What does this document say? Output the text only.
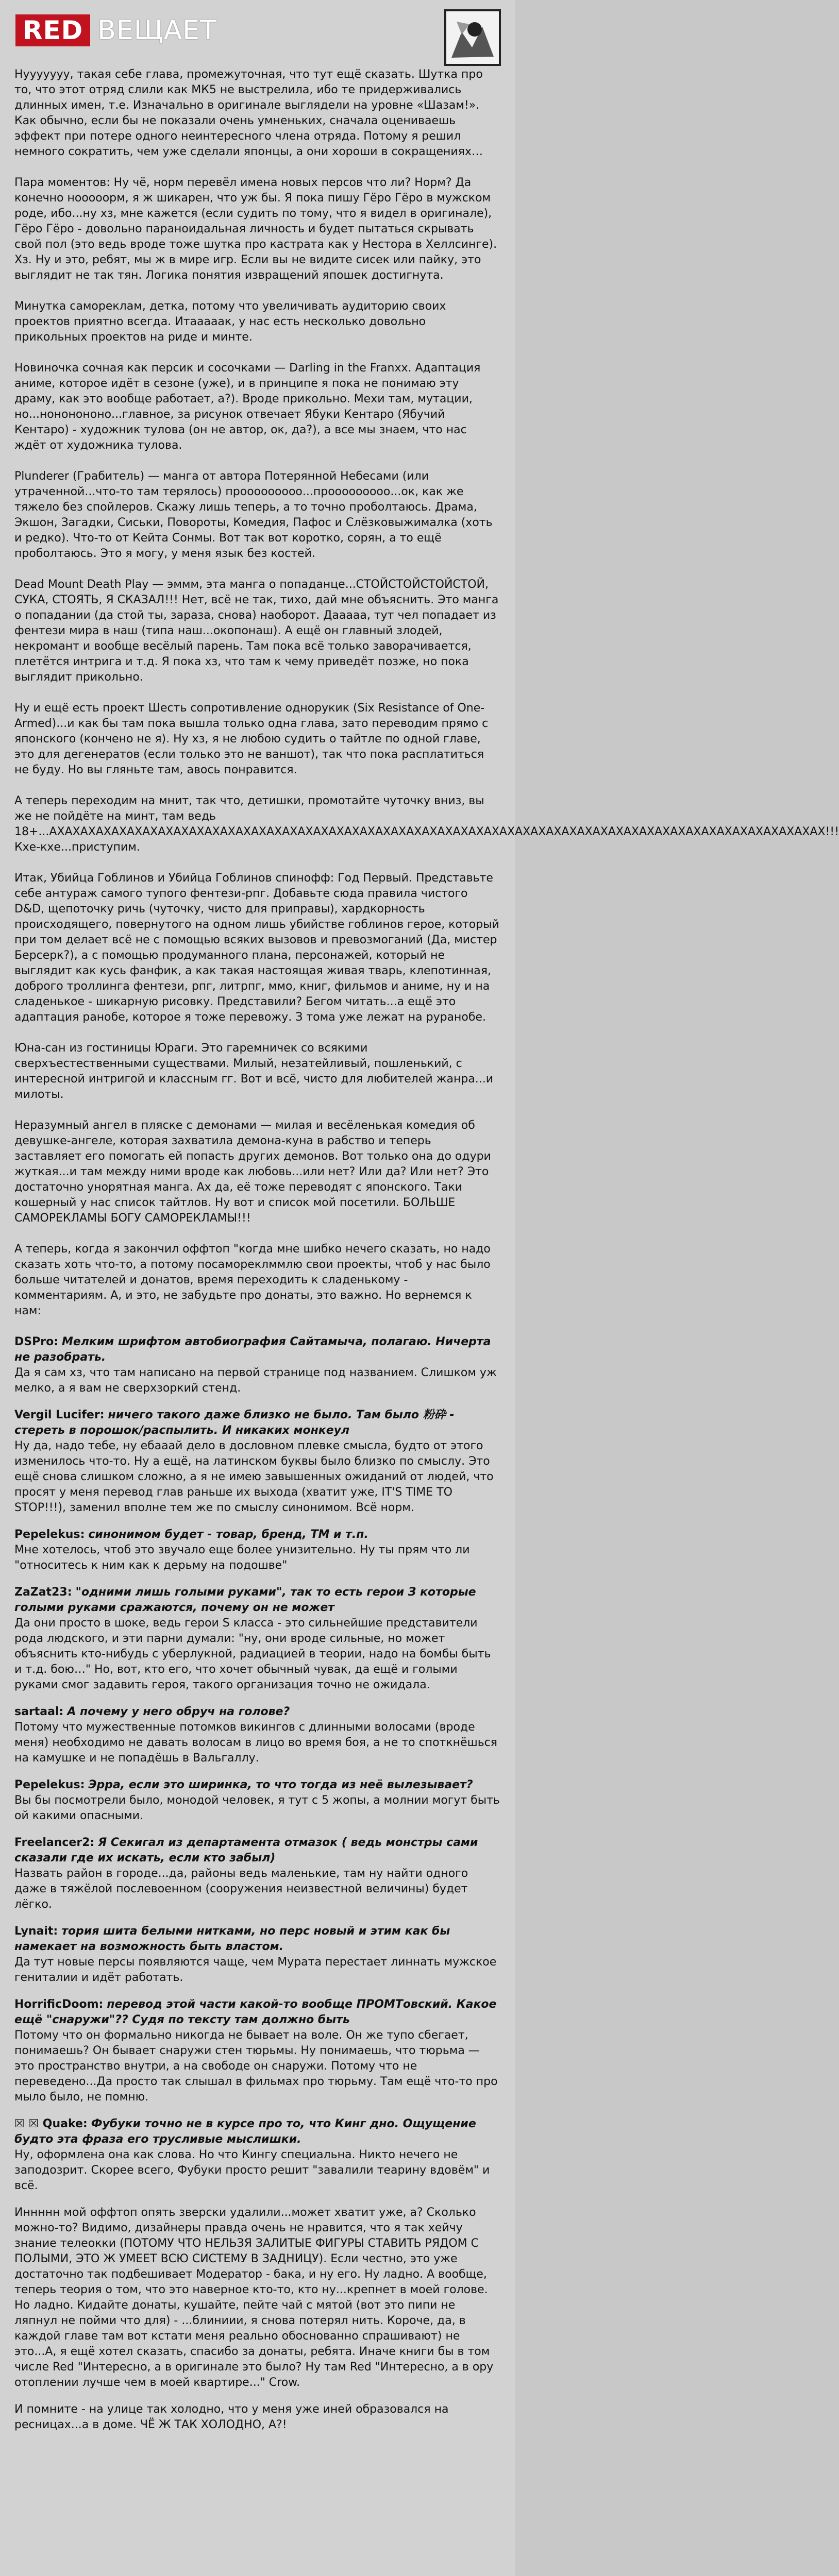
RED ВЕЩАЕТ

Нууууууу, такая себе глава, промежуточная, что тут ещё сказать. Шутка про то, что этот отряд слили как МК5 не выстрелила, ибо те придерживались длинных имен, т.е. Изначально в оригинале выглядели на уровне «Шазам!». Как обычно, если бы не показали очень умненьких, сначала оцениваешь эффект при потере одного неинтересного члена отряда. Потому я решил немного сократить, чем уже сделали японцы, а они хороши в сокращениях…

Пара моментов: Ну чё, норм перевёл имена новых персов что ли? Норм? Да конечно нооооорм, я ж шикарен, что уж бы. Я пока пишу Гёро Гёро в мужском роде, ибо...ну хз, мне кажется (если судить по тому, что я видел в оригинале), Гёро Гёро - довольно параноидальная личность и будет пытаться скрывать свой пол (это ведь вроде тоже шутка про кастрата как у Нестора в Хеллсинге). Хз. Ну и это, ребят, мы ж в мире игр. Если вы не видите сисек или пайку, это выглядит не так тян. Логика понятия извращений япошек достигнута.

Минутка самореклам, детка, потому что увеличивать аудиторию своих проектов приятно всегда. Итааааак, у нас есть несколько довольно прикольных проектов на риде и минте.

Новиночка сочная как персик и сосочками — Darling in the Franxx. Адаптация аниме, которое идёт в сезоне (уже), и в принципе я пока не понимаю эту драму, как это вообще работает, а?). Вроде прикольно. Мехи там, мутации, но...нононононо...главное, за рисунок отвечает Ябуки Кентаро (Ябучий Кентаро) - художник тулова (он не автор, ок, да?), а все мы знаем, что нас ждёт от художника тулова.

Plunderer (Грабитель) — манга от автора Потерянной Небесами (или утраченной...что-то там терялось) прооооооооо...прооооооооо...ок, как же тяжело без спойлеров. Скажу лишь теперь, а то точно проболтаюсь. Драма, Экшон, Загадки, Сиськи, Повороты, Комедия, Пафос и Слёзковыжималка (хоть и редко). Что-то от Кейта Сонмы. Вот так вот коротко, сорян, а то ещё проболтаюсь. Это я могу, у меня язык без костей.

Dead Mount Death Play — эммм, эта манга о попаданце...СТОЙСТОЙСТОЙСТОЙ, СУКА, СТОЯТЬ, Я СКАЗАЛ!!! Нет, всё не так, тихо, дай мне объяснить. Это манга о попадании (да стой ты, зараза, снова) наоборот. Дааааа, тут чел попадает из фентези мира в наш (типа наш...окопонаш). А ещё он главный злодей, некромант и вообще весёлый парень. Там пока всё только заворачивается, плетётся интрига и т.д. Я пока хз, что там к чему приведёт позже, но пока выглядит прикольно.

Ну и ещё есть проект Шесть сопротивление однорукик (Six Resistance of One-Armed)...и как бы там пока вышла только одна глава, зато переводим прямо с японского (кончено не я). Ну хз, я не любою судить о тайтле по одной главе, это для дегенератов (если только это не ваншот), так что пока расплатиться не буду. Но вы гляньте там, авось понравится.

А теперь переходим на мнит, так что, детишки, промотайте чуточку вниз, вы же не пойдёте на минт, там ведь 18+...АХАХАХАХАХАХАХАХАХАХАХАХАХАХАХАХАХАХАХАХАХАХАХАХАХАХАХАХАХАХАХАХАХАХАХАХАХАХАХАХАХАХАХАХАХАХАХАХАХАХ!!! Кхе-кхе...приступим.

Итак, Убийца Гоблинов и Убийца Гоблинов спинофф: Год Первый. Представьте себе антураж самого тупого фентези-рпг. Добавьте сюда правила чистого D&D, щепоточку ричь (чуточку, чисто для приправы), хардкорность происходящего, повернутого на одном лишь убийстве гоблинов герое, который при том делает всё не с помощью всяких вызовов и превозмоганий (Да, мистер Берсерк?), а с помощью продуманного плана, персонажей, который не выглядит как кусь фанфик, а как такая настоящая живая тварь, клепотинная, доброго троллинга фентези, рпг, литрпг, ммо, книг, фильмов и аниме, ну и на сладенькое - шикарную рисовку. Представили? Бегом читать...а ещё это адаптация ранобе, которое я тоже перевожу. З тома уже лежат на руранобе.

Юна-сан из гостиницы Юраги. Это гаремничек со всякими сверхъестественными существами. Милый, незатейливый, пошленький, с интересной интригой и классным гг. Вот и всё, чисто для любителей жанра...и милоты.

Неразумный ангел в пляске с демонами — милая и весёленькая комедия об девушке-ангеле, которая захватила демона-куна в рабство и теперь заставляет его помогать ей попасть других демонов. Вот только она до одури жуткая...и там между ними вроде как любовь...или нет? Или да? Или нет? Это достаточно унорятная манга. Ах да, её тоже переводят с японского. Таки кошерный у нас список тайтлов. Ну вот и список мой посетили. БОЛЬШЕ САМОРЕКЛАМЫ БОГУ САМОРЕКЛАМЫ!!!

А теперь, когда я закончил оффтоп "когда мне шибко нечего сказать, но надо сказать хоть что-то, а потому посамореклммлю свои проекты, чтоб у нас было больше читателей и донатов, время переходить к сладенькому - комментариям. А, и это, не забудьте про донаты, это важно. Но вернемся к нам:

DSPro: Мелким шрифтом автобиография Сайтамыча, полагаю. Ничерта не разобрать.
Да я сам хз, что там написано на первой странице под названием. Слишком уж мелко, а я вам не сверхзоркий стенд.
Vergil Lucifer: ничего такого даже близко не было. Там было 粉砕 - стереть в порошок/распылить. И никаких монкеул
Ну да, надо тебе, ну ебааай дело в дословном плевке смысла, будто от этого изменилось что-то. Ну а ещё, на латинском буквы было близко по смыслу. Это ещё снова слишком сложно, а я не имею завышенных ожиданий от людей, что просят у меня перевод глав раньше их выхода (хватит уже, IT'S TIME TO STOP!!!), заменил вполне тем же по смыслу синонимом. Всё норм.
Pepelekus: синонимом будет - товар, бренд, ТМ и т.п.
Мне хотелось, чтоб это звучало еще более унизительно. Ну ты прям что ли "относитесь к ним как к дерьму на подошве"
ZaZat23: "одними лишь голыми руками", так то есть герои З которые голыми руками сражаются, почему он не может
Да они просто в шоке, ведь герои S класса - это сильнейшие представители рода людского, и эти парни думали: "ну, они вроде сильные, но может объяснить кто-нибудь с уберлукной, радиацией в теории, надо на бомбы быть и т.д. бою…" Но, вот, кто его, что хочет обычный чувак, да ещё и голыми руками смог задавить героя, такого организация точно не ожидала.
sartaal: А почему у него обруч на голове?
Потому что мужественные потомков викингов с длинными волосами (вроде меня) необходимо не давать волосам в лицо во время боя, а не то споткнёшься на камушке и не попадёшь в Вальгаллу.
Pepelekus: Эрра, если это ширинка, то что тогда из неё вылезывает?
Вы бы посмотрели было, монодой человек, я тут с 5 жопы, а молнии могут быть ой какими опасными.
Freelancer2: Я Секигал из департамента отмазок ( ведь монстры сами сказали где их искать, если кто забыл)
Назвать район в городе...да, районы ведь маленькие, там ну найти одного даже в тяжёлой послевоенном (сооружения неизвестной величины) будет лёгко.
Lynait: тория шита белыми нитками, но перс новый и этим как бы намекает на возможность быть властом.
Да тут новые персы появляются чаще, чем Мурата перестает линнать мужское гениталии и идёт работать.
HorrificDoom: перевод этой части какой-то вообще ПРОМТовский. Какое ещё "снаружи"?? Судя по тексту там должно быть
Потому что он формально никогда не бывает на воле. Он же тупо сбегает, понимаешь? Он бывает снаружи стен тюрьмы. Ну понимаешь, что тюрьма — это пространство внутри, а на свободе он снаружи. Потому что не переведено...Да просто так слышал в фильмах про тюрьму. Там ещё что-то про мыло было, не помню.
☒ ☒ Quake: Фубуки точно не в курсе про то, что Кинг дно. Ощущение будто эта фраза его трусливые мыслишки.
Ну, оформлена она как слова. Но что Кингу специальна. Никто нечего не заподозрит. Скорее всего, Фубуки просто решит "завалили теарину вдовём" и всё.
Иннннн мой оффтоп опять зверски удалили...может хватит уже, а? Сколько можно-то? Видимо, дизайнеры правда очень не нравится, что я так хейчу знание телеокки (ПОТОМУ ЧТО НЕЛЬЗЯ ЗАЛИТЫЕ ФИГУРЫ СТАВИТЬ РЯДОМ С ПОЛЫМИ, ЭТО Ж УМЕЕТ ВСЮ СИСТЕМУ В ЗАДНИЦУ). Если честно, это уже достаточно так подбешивает Модератор - бака, и ну его. Ну ладно. А вообще, теперь теория о том, что это наверное кто-то, кто ну...крепнет в моей голове. Но ладно. Кидайте донаты, кушайте, пейте чай с мятой (вот это пипи не ляпнул не пойми что для) - ...блиниии, я снова потерял нить. Короче, да, в каждой главе там вот кстати меня реально обоснованно спрашивают) не это...А, я ещё хотел сказать, спасибо за донаты, ребята. Иначе книги бы в том числе Red "Интересно, а в оригинале это было? Ну там Red "Интересно, а в ору отоплении лучше чем в моей квартире..." Crow.
И помните - на улице так холодно, что у меня уже иней образовался на ресницах...а в доме. ЧЁ Ж ТАК ХОЛОДНО, А?!
